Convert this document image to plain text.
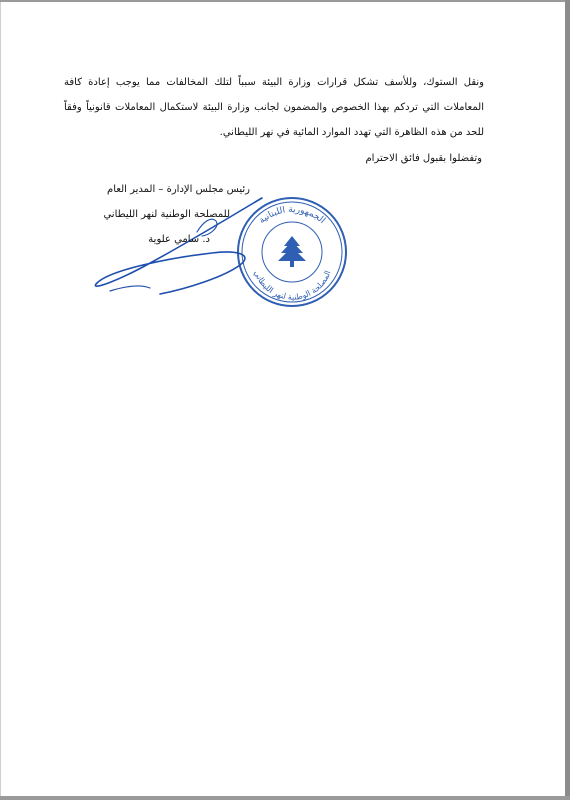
ونقل الستوك، وللأسف تشكل قرارات وزارة البيئة سبباً لتلك المخالفات مما يوجب إعادة كافة المعاملات التي تردكم بهذا الخصوص والمضمون لجانب وزارة البيئة لاستكمال المعاملات قانونياً وفقاً للحد من هذه الظاهرة التي تهدد الموارد المائية في نهر الليطاني.

وتفضلوا بقبول فائق الاحترام
الجمهورية اللبنانية
المصلحة الوطنية لنهر الليطاني
رئيس مجلس الإدارة – المدير العام
للمصلحة الوطنية لنهر الليطاني
د. سامي علوية
